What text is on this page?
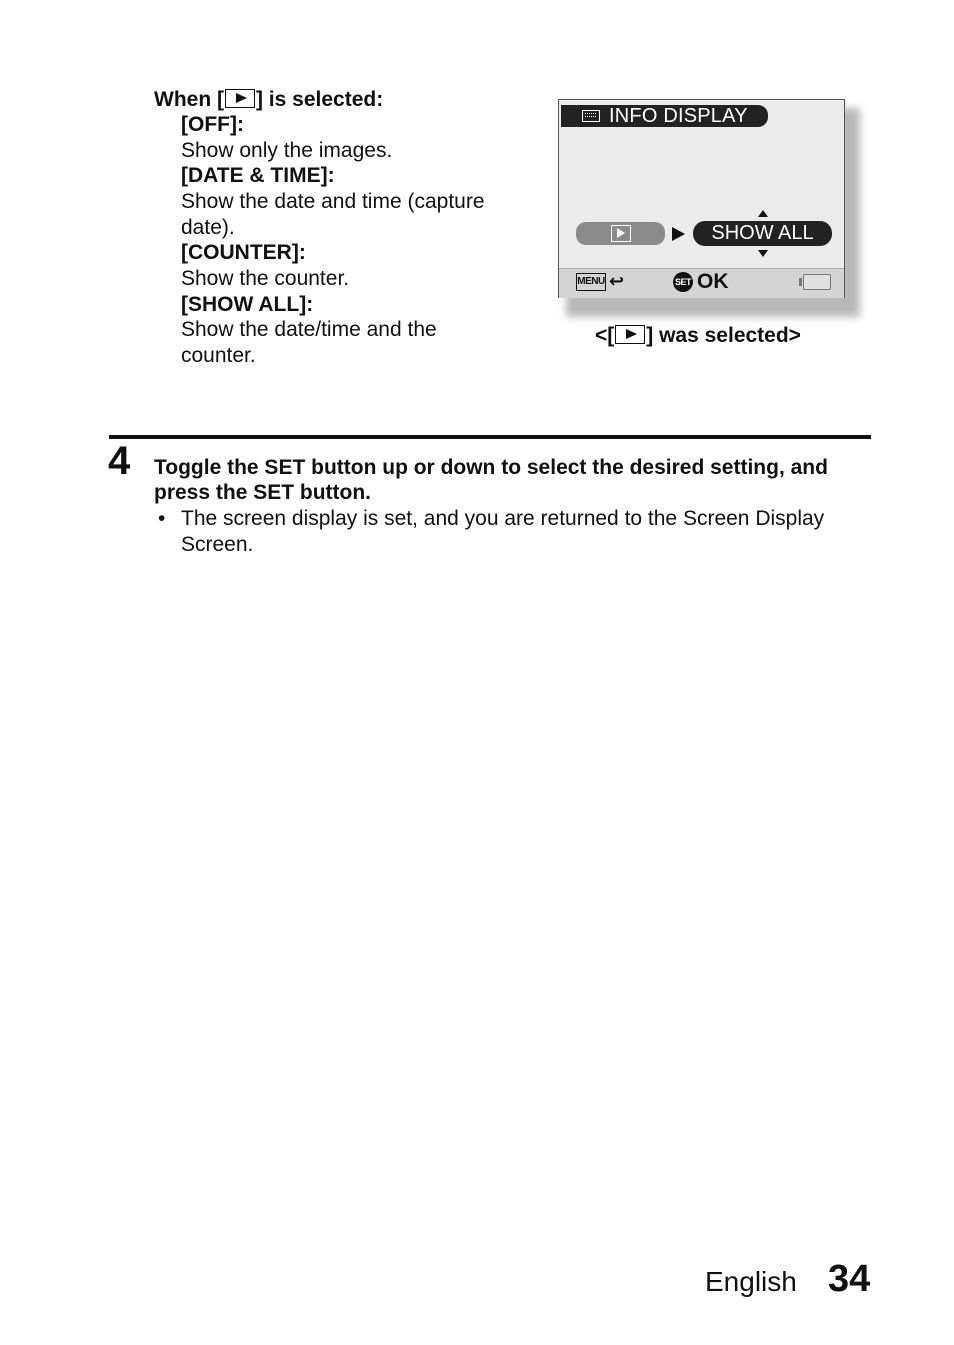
When [ ] is selected:
[OFF]:
Show only the images.
[DATE & TIME]:
Show the date and time (capture
date).
[COUNTER]:
Show the counter.
[SHOW ALL]:
Show the date/time and the
counter.
INFO DISPLAY
SHOW ALL
MENU ↩	SET OK
<[ ] was selected>
4 Toggle the SET button up or down to select the desired setting, and
press the SET button.
• The screen display is set, and you are returned to the Screen Display
Screen.
English 34
